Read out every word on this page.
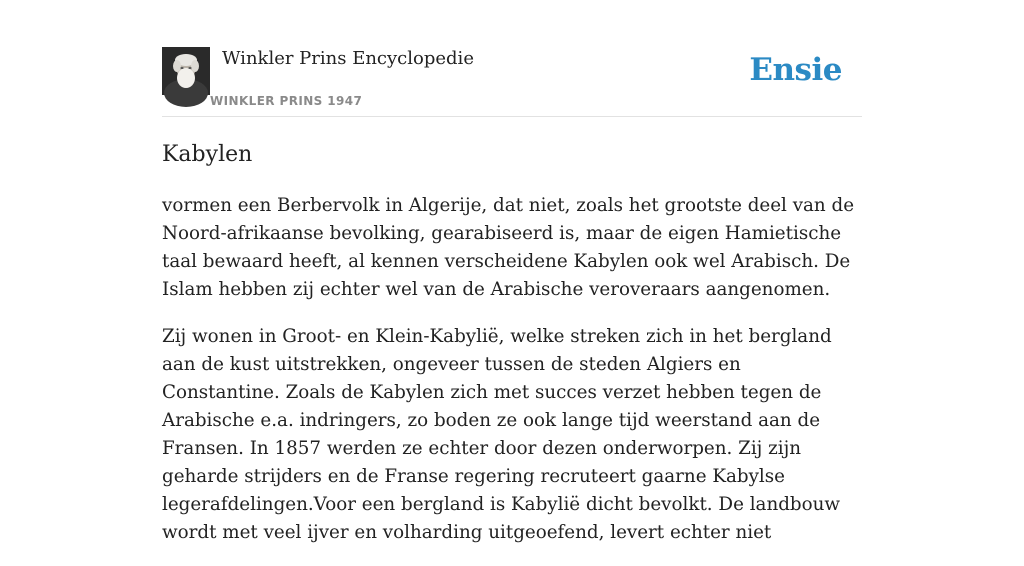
Winkler Prins Encyclopedie
WINKLER PRINS 1947
Ensie
Kabylen

vormen een Berbervolk in Algerije, dat niet, zoals het grootste deel van de Noord-afrikaanse bevolking, gearabiseerd is, maar de eigen Hamietische taal bewaard heeft, al kennen verscheidene Kabylen ook wel Arabisch. De Islam hebben zij echter wel van de Arabische veroveraars aangenomen.

Zij wonen in Groot- en Klein-Kabylië, welke streken zich in het bergland aan de kust uitstrekken, ongeveer tussen de steden Algiers en Constantine. Zoals de Kabylen zich met succes verzet hebben tegen de Arabische e.a. indringers, zo boden ze ook lange tijd weerstand aan de Fransen. In 1857 werden ze echter door dezen onderworpen. Zij zijn geharde strijders en de Franse regering recruteert gaarne Kabylse legerafdelingen.Voor een bergland is Kabylië dicht bevolkt. De landbouw wordt met veel ijver en volharding uitgeoefend, levert echter niet
